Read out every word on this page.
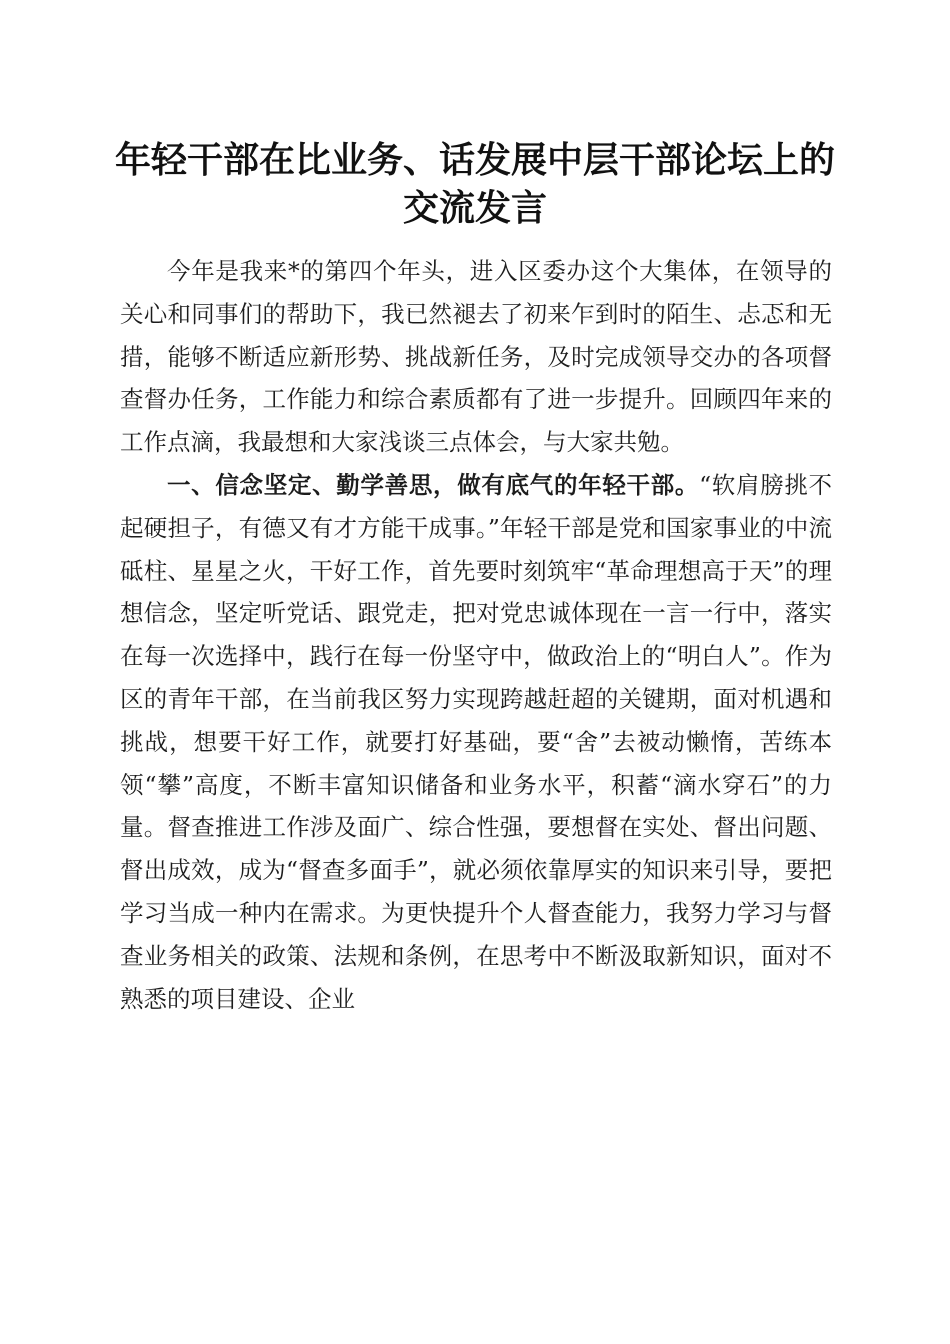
年轻干部在比业务、话发展中层干部论坛上的
交流发言

今年是我来*的第四个年头，进入区委办这个大集体，在领导的关心和同事们的帮助下，我已然褪去了初来乍到时的陌生、忐忑和无措，能够不断适应新形势、挑战新任务，及时完成领导交办的各项督查督办任务，工作能力和综合素质都有了进一步提升。回顾四年来的工作点滴，我最想和大家浅谈三点体会，与大家共勉。

一、信念坚定、勤学善思，做有底气的年轻干部。“软肩膀挑不起硬担子，有德又有才方能干成事。”年轻干部是党和国家事业的中流砥柱、星星之火，干好工作，首先要时刻筑牢“革命理想高于天”的理想信念，坚定听党话、跟党走，把对党忠诚体现在一言一行中，落实在每一次选择中，践行在每一份坚守中，做政治上的“明白人”。作为区的青年干部，在当前我区努力实现跨越赶超的关键期，面对机遇和挑战，想要干好工作，就要打好基础，要“舍”去被动懒惰，苦练本领“攀”高度，不断丰富知识储备和业务水平，积蓄“滴水穿石”的力量。督查推进工作涉及面广、综合性强，要想督在实处、督出问题、督出成效，成为“督查多面手”，就必须依靠厚实的知识来引导，要把学习当成一种内在需求。为更快提升个人督查能力，我努力学习与督查业务相关的政策、法规和条例，在思考中不断汲取新知识，面对不熟悉的项目建设、企业
